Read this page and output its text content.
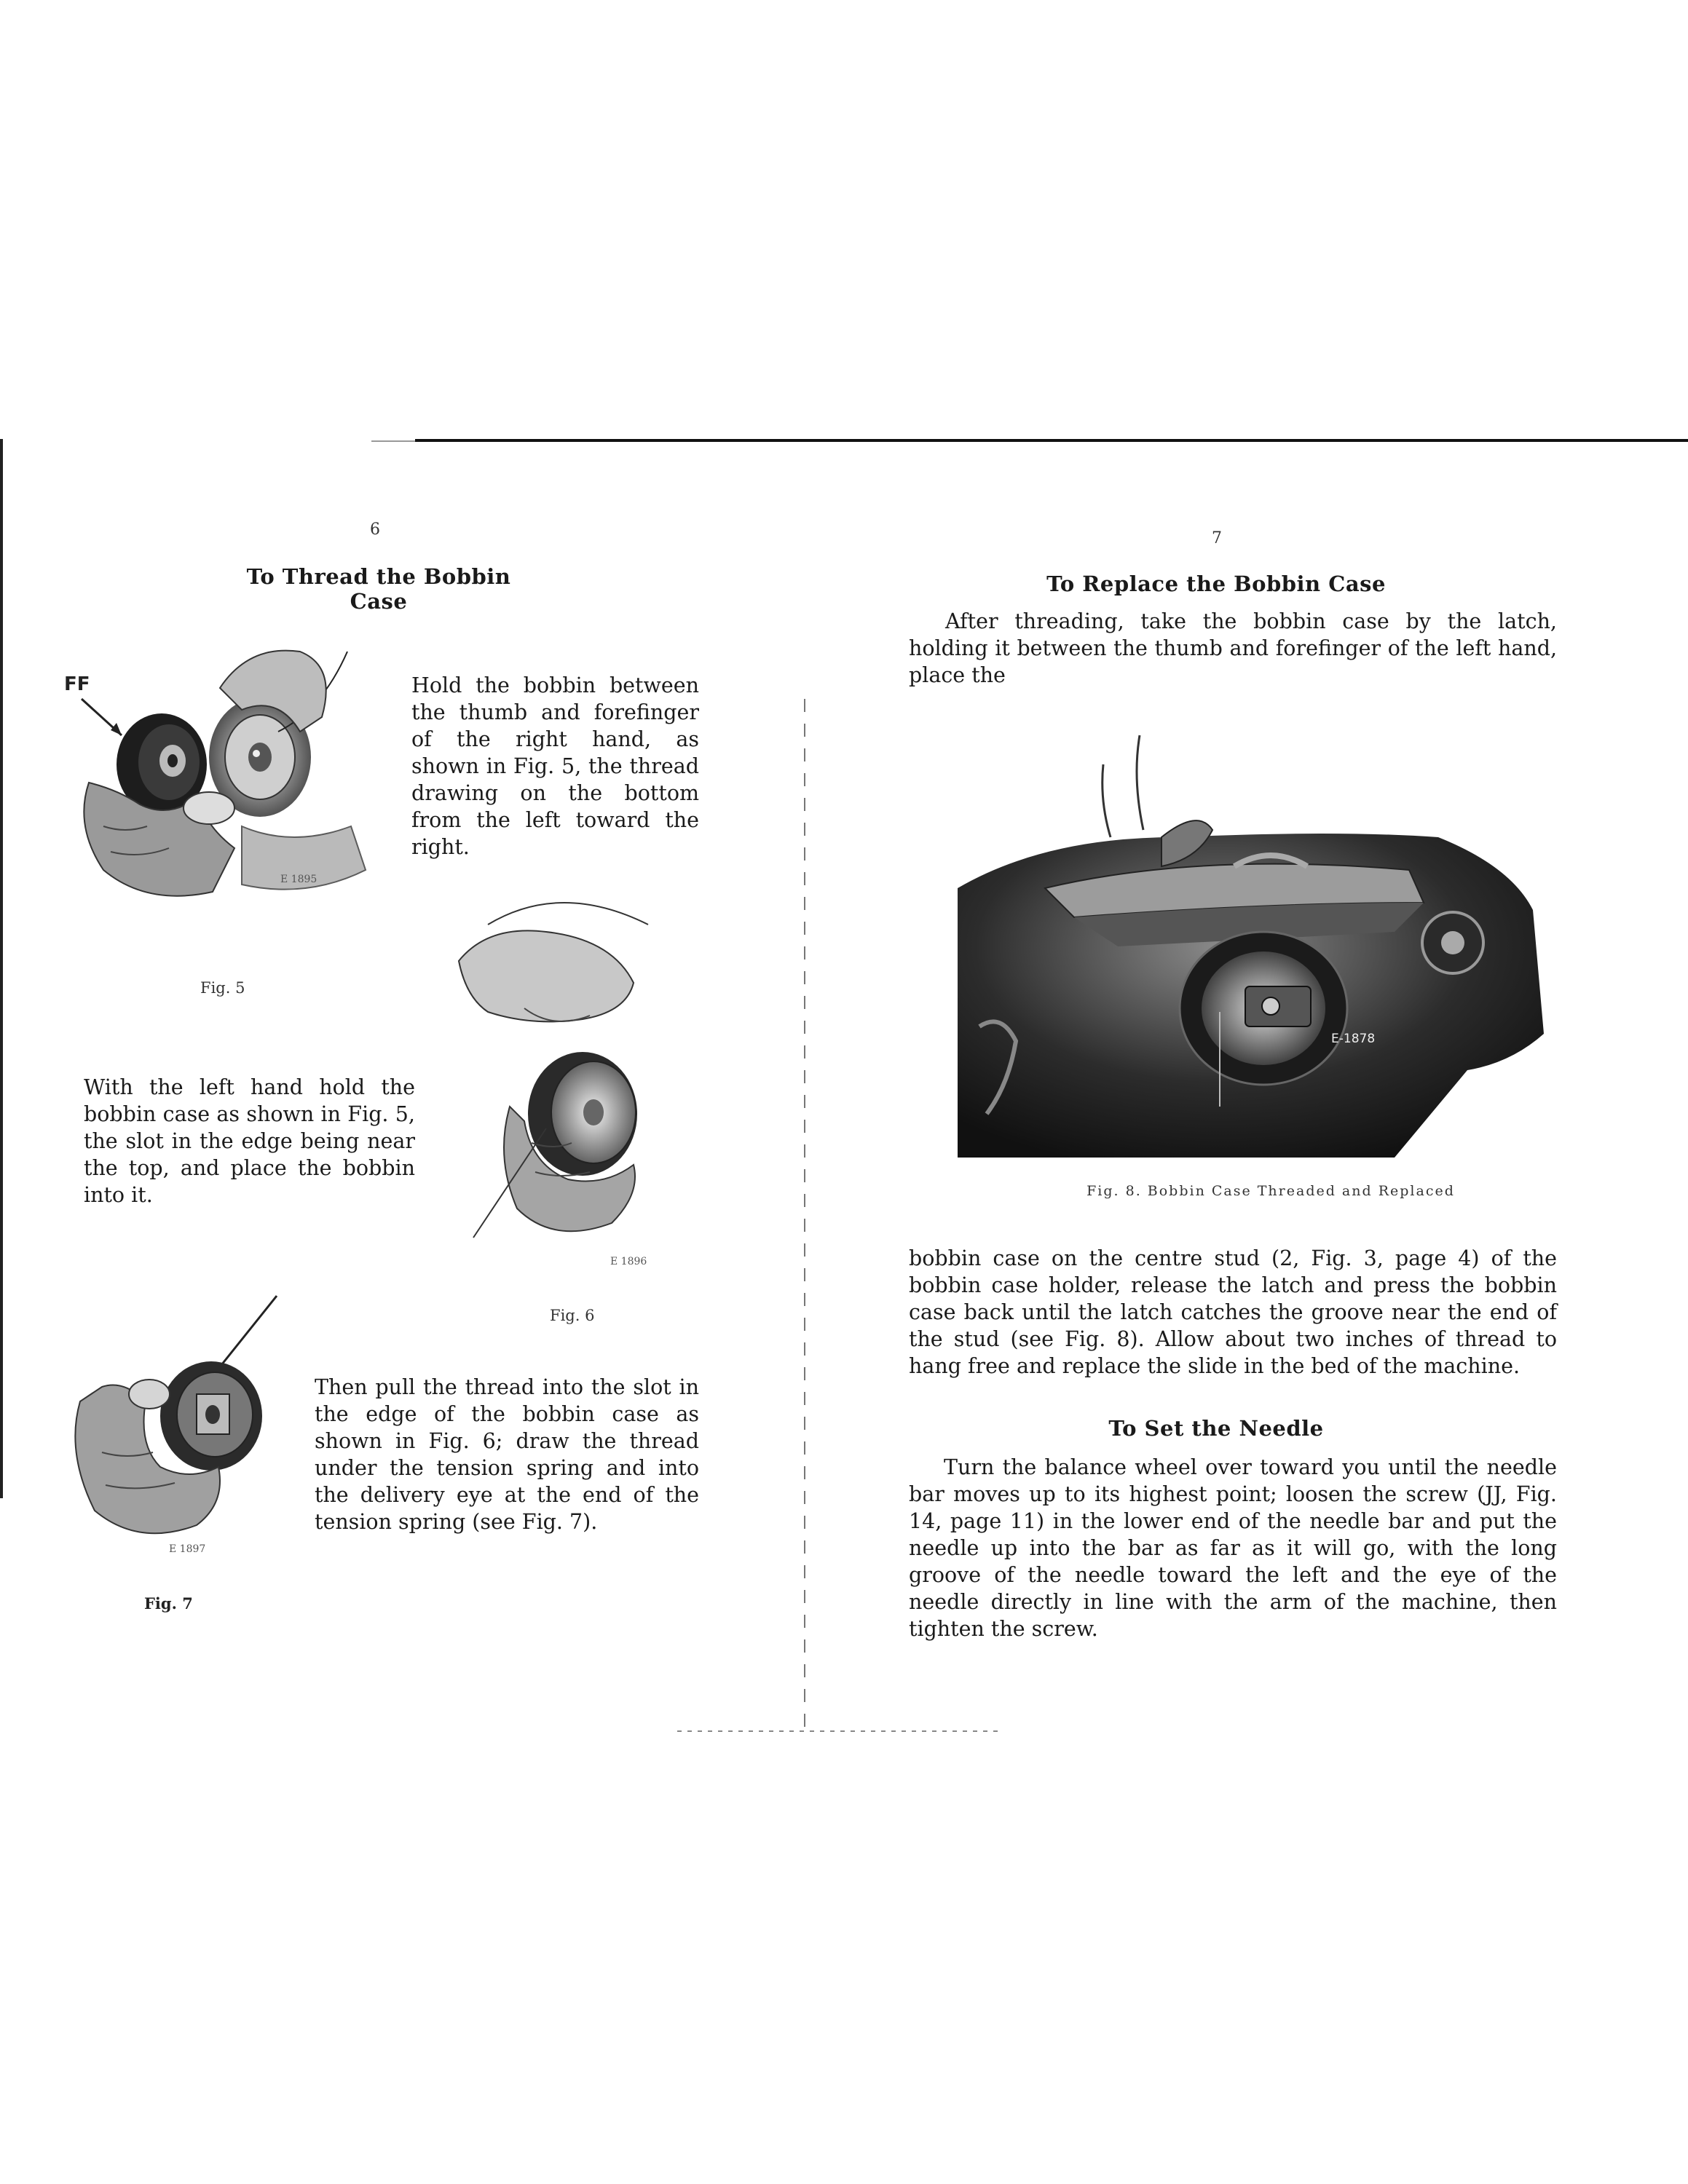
6
To Thread the Bobbin Case
FF
E 1895
Fig. 5
Hold the bobbin between the thumb and forefinger of the right hand, as shown in Fig. 5, the thread drawing on the bottom from the left toward the right.
E 1896
Fig. 6
With the left hand hold the bobbin case as shown in Fig. 5, the slot in the edge being near the top, and place the bobbin into it.
E 1897
Fig. 7
Then pull the thread into the slot in the edge of the bobbin case as shown in Fig. 6; draw the thread under the tension spring and into the delivery eye at the end of the tension spring (see Fig. 7).
7
To Replace the Bobbin Case
After threading, take the bobbin case by the latch, holding it between the thumb and forefinger of the left hand, place the
E-1878
Fig. 8. Bobbin Case Threaded and Replaced
bobbin case on the centre stud (2, Fig. 3, page 4) of the bobbin case holder, release the latch and press the bobbin case back until the latch catches the groove near the end of the stud (see Fig. 8). Allow about two inches of thread to hang free and replace the slide in the bed of the machine.
To Set the Needle
Turn the balance wheel over toward you until the needle bar moves up to its highest point; loosen the screw (JJ, Fig. 14, page 11) in the lower end of the needle bar and put the needle up into the bar as far as it will go, with the long groove of the needle toward the left and the eye of the needle directly in line with the arm of the machine, then tighten the screw.
